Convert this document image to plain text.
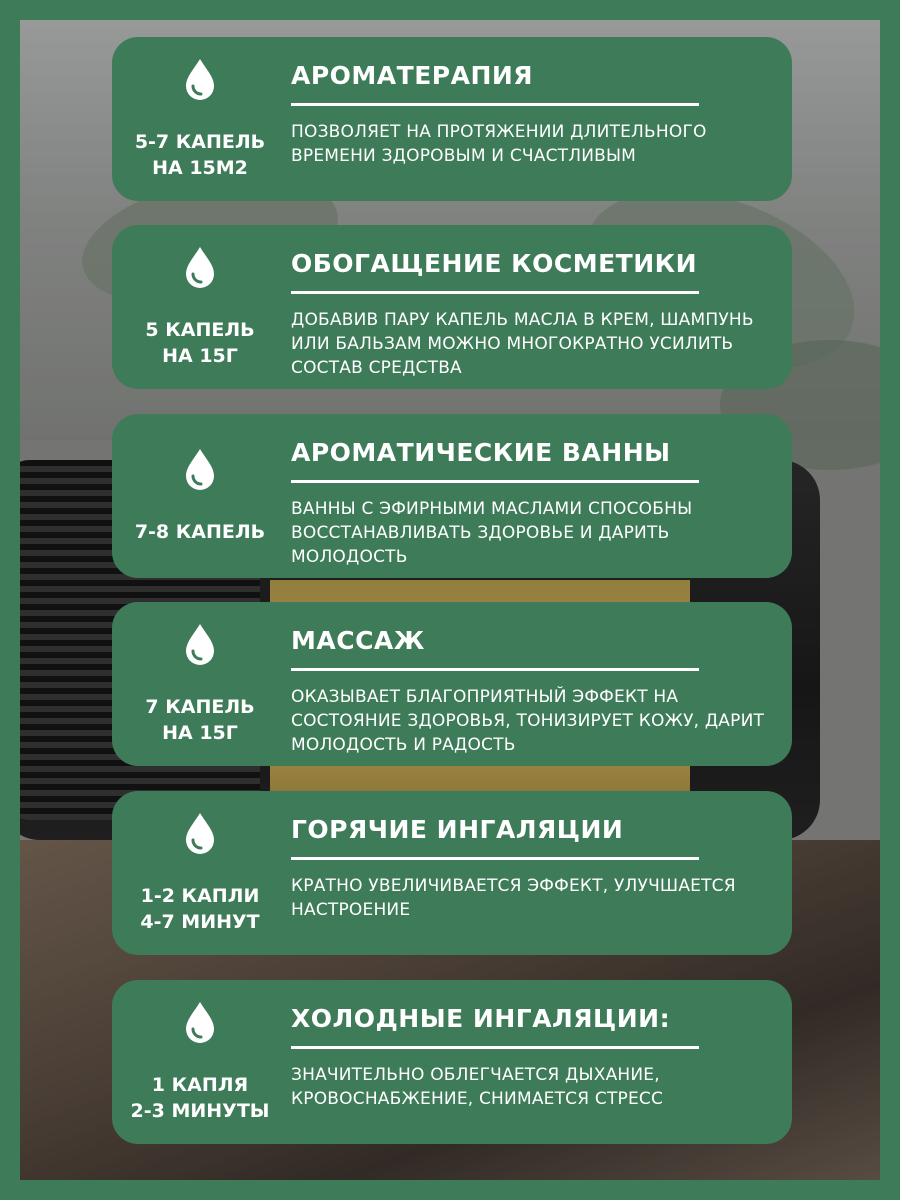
5-7 КАПЕЛЬ
НА 15М2
АРОМАТЕРАПИЯ
ПОЗВОЛЯЕТ НА ПРОТЯЖЕНИИ ДЛИТЕЛЬНОГО ВРЕМЕНИ ЗДОРОВЫМ И СЧАСТЛИВЫМ
5 КАПЕЛЬ
НА 15Г
ОБОГАЩЕНИЕ КОСМЕТИКИ
ДОБАВИВ ПАРУ КАПЕЛЬ МАСЛА В КРЕМ, ШАМПУНЬ ИЛИ БАЛЬЗАМ МОЖНО МНОГОКРАТНО УСИЛИТЬ СОСТАВ СРЕДСТВА
7-8 КАПЕЛЬ
АРОМАТИЧЕСКИЕ ВАННЫ
ВАННЫ С ЭФИРНЫМИ МАСЛАМИ СПОСОБНЫ ВОССТАНАВЛИВАТЬ ЗДОРОВЬЕ И ДАРИТЬ МОЛОДОСТЬ
7 КАПЕЛЬ
НА 15Г
МАССАЖ
ОКАЗЫВАЕТ БЛАГОПРИЯТНЫЙ ЭФФЕКТ НА СОСТОЯНИЕ ЗДОРОВЬЯ, ТОНИЗИРУЕТ КОЖУ, ДАРИТ МОЛОДОСТЬ И РАДОСТЬ
1-2 КАПЛИ
4-7 МИНУТ
ГОРЯЧИЕ ИНГАЛЯЦИИ
КРАТНО УВЕЛИЧИВАЕТСЯ ЭФФЕКТ, УЛУЧШАЕТСЯ НАСТРОЕНИЕ
1 КАПЛЯ
2-3 МИНУТЫ
ХОЛОДНЫЕ ИНГАЛЯЦИИ:
ЗНАЧИТЕЛЬНО ОБЛЕГЧАЕТСЯ ДЫХАНИЕ, КРОВОСНАБЖЕНИЕ, СНИМАЕТСЯ СТРЕСС
